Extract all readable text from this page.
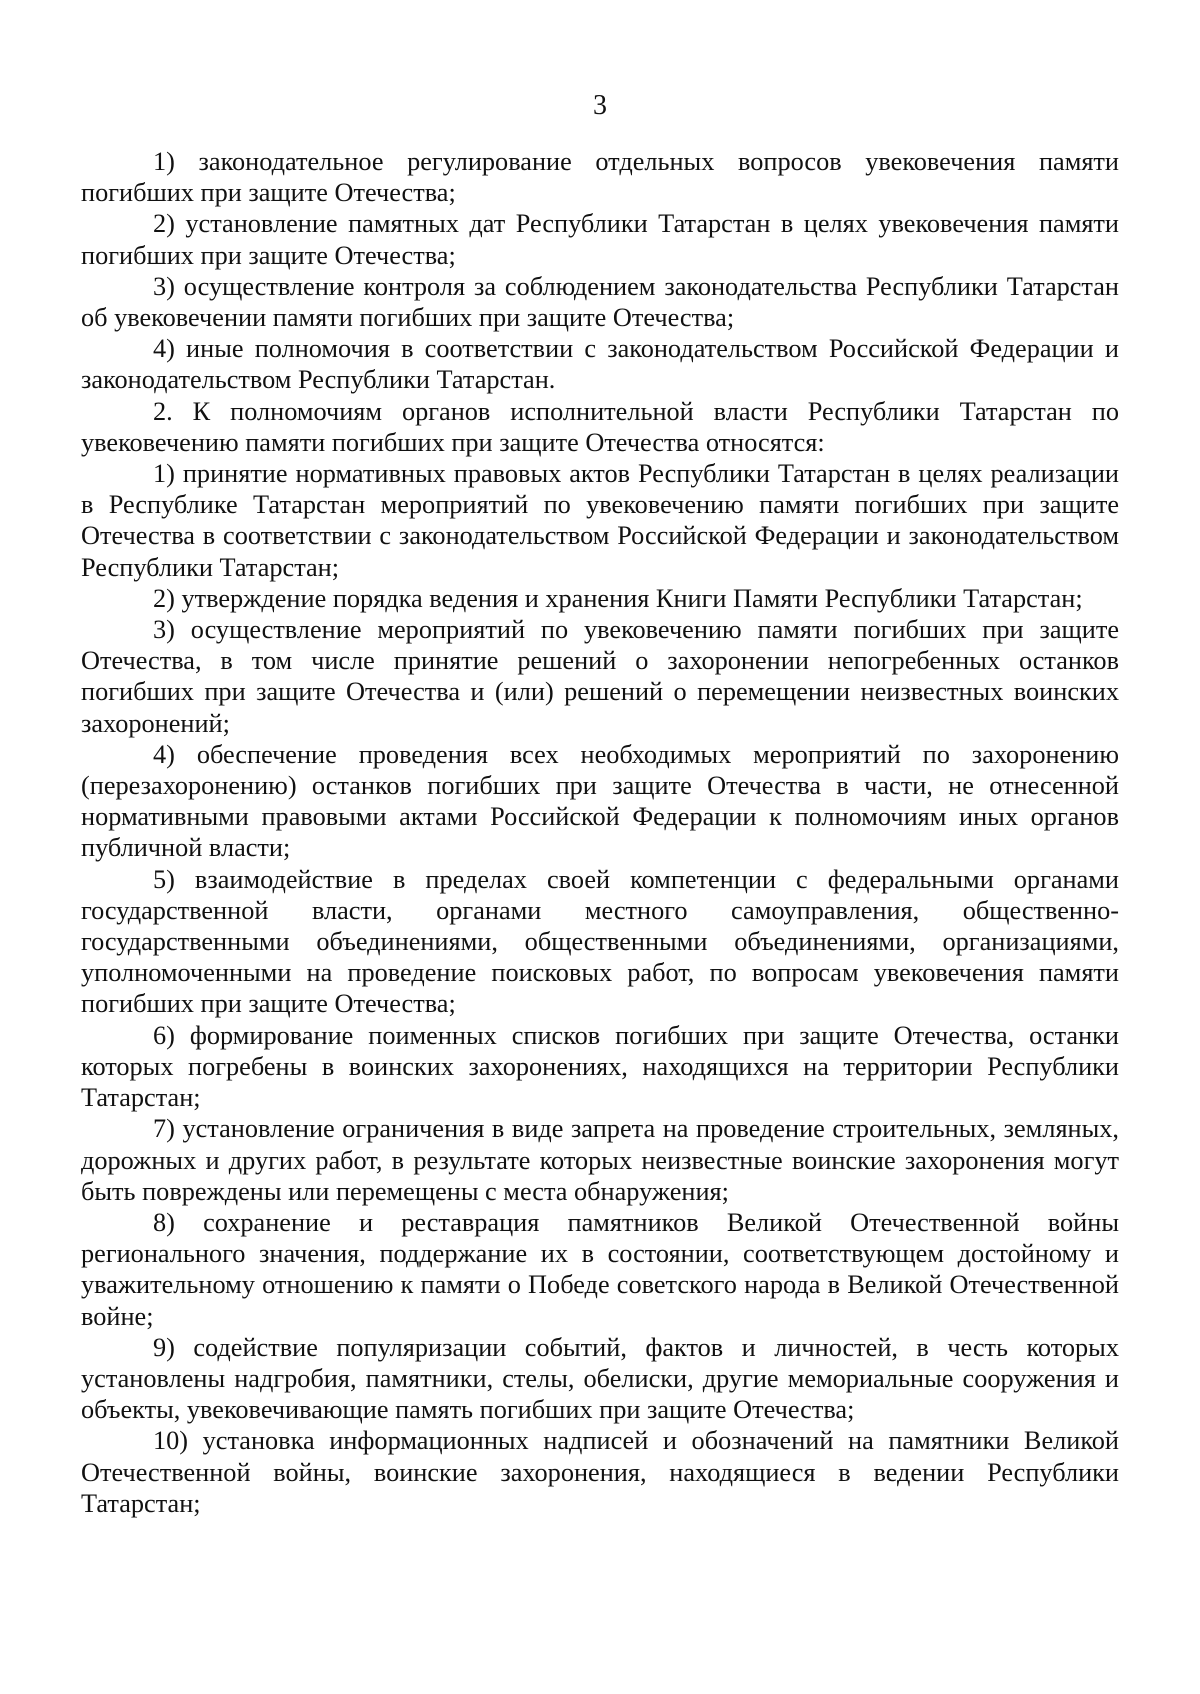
3

1) законодательное регулирование отдельных вопросов увековечения памяти погибших при защите Отечества;

2) установление памятных дат Республики Татарстан в целях увековечения памяти погибших при защите Отечества;

3) осуществление контроля за соблюдением законодательства Республики Татарстан об увековечении памяти погибших при защите Отечества;

4) иные полномочия в соответствии с законодательством Российской Федерации и законодательством Республики Татарстан.

2. К полномочиям органов исполнительной власти Республики Татарстан по увековечению памяти погибших при защите Отечества относятся:

1) принятие нормативных правовых актов Республики Татарстан в целях реализации в Республике Татарстан мероприятий по увековечению памяти погибших при защите Отечества в соответствии с законодательством Российской Федерации и законодательством Республики Татарстан;

2) утверждение порядка ведения и хранения Книги Памяти Республики Татарстан;

3) осуществление мероприятий по увековечению памяти погибших при защите Отечества, в том числе принятие решений о захоронении непогребенных останков погибших при защите Отечества и (или) решений о перемещении неизвестных воинских захоронений;

4) обеспечение проведения всех необходимых мероприятий по захоронению (перезахоронению) останков погибших при защите Отечества в части, не отнесенной нормативными правовыми актами Российской Федерации к полномочиям иных органов публичной власти;

5) взаимодействие в пределах своей компетенции с федеральными органами государственной власти, органами местного самоуправления, общественно-государственными объединениями, общественными объединениями, организациями, уполномоченными на проведение поисковых работ, по вопросам увековечения памяти погибших при защите Отечества;

6) формирование поименных списков погибших при защите Отечества, останки которых погребены в воинских захоронениях, находящихся на территории Республики Татарстан;

7) установление ограничения в виде запрета на проведение строительных, земляных, дорожных и других работ, в результате которых неизвестные воинские захоронения могут быть повреждены или перемещены с места обнаружения;

8) сохранение и реставрация памятников Великой Отечественной войны регионального значения, поддержание их в состоянии, соответствующем достойному и уважительному отношению к памяти о Победе советского народа в Великой Отечественной войне;

9) содействие популяризации событий, фактов и личностей, в честь которых установлены надгробия, памятники, стелы, обелиски, другие мемориальные сооружения и объекты, увековечивающие память погибших при защите Отечества;

10) установка информационных надписей и обозначений на памятники Великой Отечественной войны, воинские захоронения, находящиеся в ведении Республики Татарстан;
